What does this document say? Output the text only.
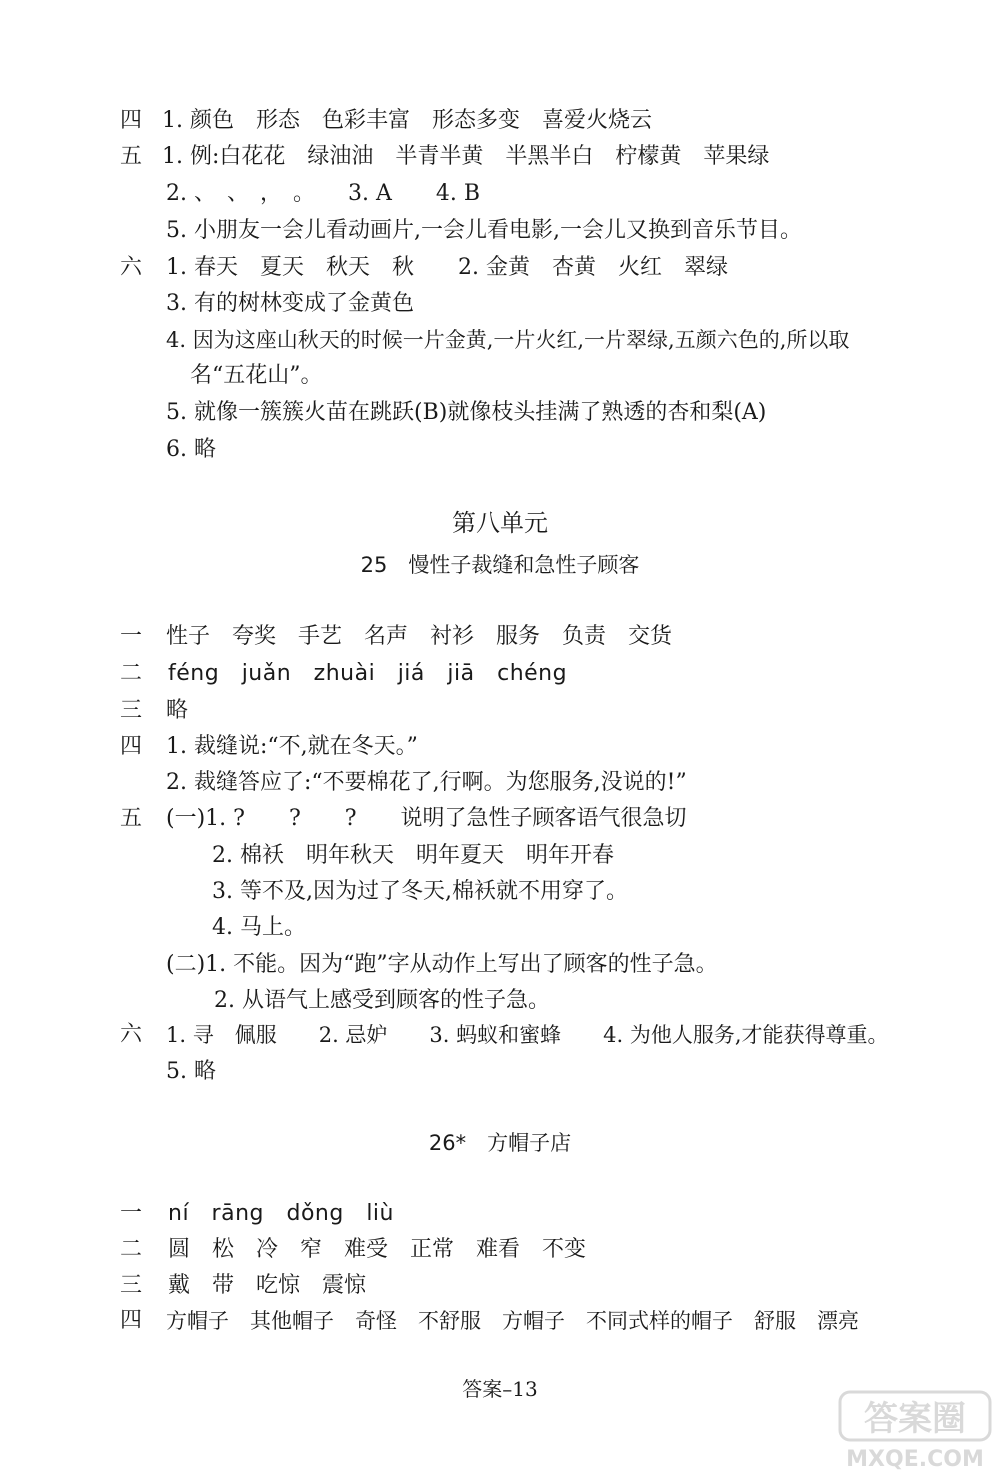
四 1. 颜色　形态　色彩丰富　形态多变　喜爱火烧云
五 1. 例:白花花　绿油油　半青半黄　半黑半白　柠檬黄　苹果绿
2. 、　、　，　。　　3. A　　4. B
5. 小朋友一会儿看动画片,一会儿看电影,一会儿又换到音乐节目。
六 1. 春天　夏天　秋天　秋　　2. 金黄　杏黄　火红　翠绿
3. 有的树林变成了金黄色
4. 因为这座山秋天的时候一片金黄,一片火红,一片翠绿,五颜六色的,所以取
名“五花山”。
5. 就像一簇簇火苗在跳跃(B)就像枝头挂满了熟透的杏和梨(A)
6. 略
第八单元
25　慢性子裁缝和急性子顾客
一 性子　夸奖　手艺　名声　衬衫　服务　负责　交货
二 féng　juǎn　zhuài　jiá　jiā　chéng
三 略
四 1. 裁缝说:“不,就在冬天。”
2. 裁缝答应了:“不要棉花了,行啊。为您服务,没说的!”
五 (一)1. ?　　?　　?　　说明了急性子顾客语气很急切
2. 棉袄　明年秋天　明年夏天　明年开春
3. 等不及,因为过了冬天,棉袄就不用穿了。
4. 马上。
(二)1. 不能。因为“跑”字从动作上写出了顾客的性子急。
2. 从语气上感受到顾客的性子急。
六 1. 寻　佩服　　2. 忌妒　　3. 蚂蚁和蜜蜂　　4. 为他人服务,才能获得尊重。
5. 略
26*　方帽子店
一 ní　rāng　dǒng　liù
二 圆　松　冷　窄　难受　正常　难看　不变
三 戴　带　吃惊　震惊
四 方帽子　其他帽子　奇怪　不舒服　方帽子　不同式样的帽子　舒服　漂亮
答案–13
答案圈
MXQE.COM
